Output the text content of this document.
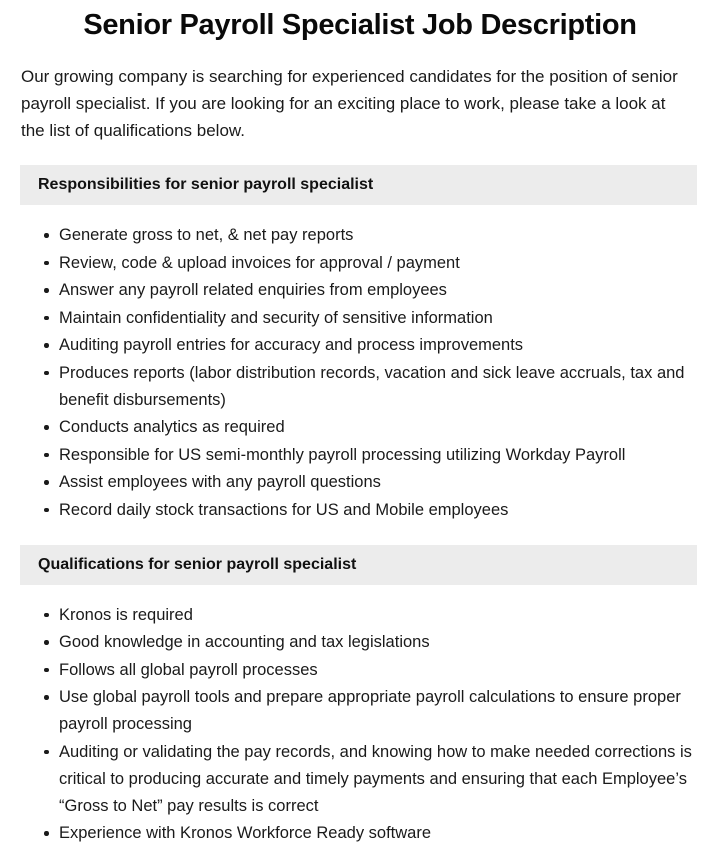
Senior Payroll Specialist Job Description

Our growing company is searching for experienced candidates for the position of senior payroll specialist. If you are looking for an exciting place to work, please take a look at the list of qualifications below.

Responsibilities for senior payroll specialist
Generate gross to net, & net pay reports
Review, code & upload invoices for approval / payment
Answer any payroll related enquiries from employees
Maintain confidentiality and security of sensitive information
Auditing payroll entries for accuracy and process improvements
Produces reports (labor distribution records, vacation and sick leave accruals, tax and benefit disbursements)
Conducts analytics as required
Responsible for US semi-monthly payroll processing utilizing Workday Payroll
Assist employees with any payroll questions
Record daily stock transactions for US and Mobile employees
Qualifications for senior payroll specialist
Kronos is required
Good knowledge in accounting and tax legislations
Follows all global payroll processes
Use global payroll tools and prepare appropriate payroll calculations to ensure proper payroll processing
Auditing or validating the pay records, and knowing how to make needed corrections is critical to producing accurate and timely payments and ensuring that each Employee’s “Gross to Net” pay results is correct
Experience with Kronos Workforce Ready software
